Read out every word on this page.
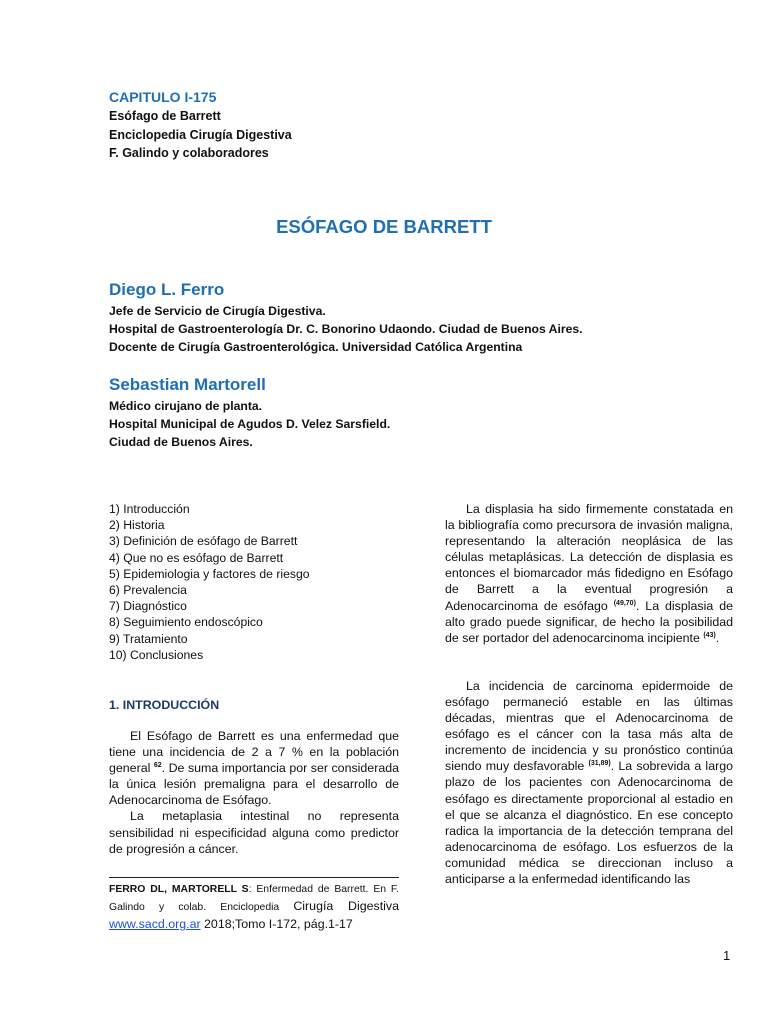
CAPITULO I-175
Esófago de Barrett
Enciclopedia Cirugía Digestiva
F. Galindo y colaboradores
ESÓFAGO DE BARRETT
Diego L. Ferro
Jefe de Servicio de Cirugía Digestiva.
Hospital de Gastroenterología Dr. C. Bonorino Udaondo. Ciudad de Buenos Aires.
Docente de Cirugía Gastroenterológica. Universidad Católica Argentina
Sebastian Martorell
Médico cirujano de planta.
Hospital Municipal de Agudos D. Velez Sarsfield.
Ciudad de Buenos Aires.
1) Introducción
2) Historia
3) Definición de esófago de Barrett
4) Que no es esófago de Barrett
5) Epidemiologia y factores de riesgo
6) Prevalencia
7) Diagnóstico
8) Seguimiento endoscópico
9) Tratamiento
10) Conclusiones
1. INTRODUCCIÓN

El Esófago de Barrett es una enfermedad que tiene una incidencia de 2 a 7 % en la población general $^{62}$. De suma importancia por ser considerada la única lesión premaligna para el desarrollo de Adenocarcinoma de Esófago.

La metaplasia intestinal no representa sensibilidad ni especificidad alguna como predictor de progresión a cáncer.

FERRO DL, MARTORELL S: Enfermedad de Barrett. En F. Galindo y colab. Enciclopedia Cirugía Digestiva www.sacd.org.ar 2018;Tomo I-172, pág.1-17

La displasia ha sido firmemente constatada en la bibliografía como precursora de invasión maligna, representando la alteración neoplásica de las células metaplásicas. La detección de displasia es entonces el biomarcador más fidedigno en Esófago de Barrett a la eventual progresión a Adenocarcinoma de esófago $^{(49,70)}$. La displasia de alto grado puede significar, de hecho la posibilidad de ser portador del adenocarcinoma incipiente $^{(43)}$.

La incidencia de carcinoma epidermoide de esófago permaneció estable en las últimas décadas, mientras que el Adenocarcinoma de esófago es el cáncer con la tasa más alta de incremento de incidencia y su pronóstico continúa siendo muy desfavorable $^{(31,89)}$. La sobrevida a largo plazo de los pacientes con Adenocarcinoma de esófago es directamente proporcional al estadio en el que se alcanza el diagnóstico. En ese concepto radica la importancia de la detección temprana del adenocarcinoma de esófago. Los esfuerzos de la comunidad médica se direccionan incluso a anticiparse a la enfermedad identificando las

1
